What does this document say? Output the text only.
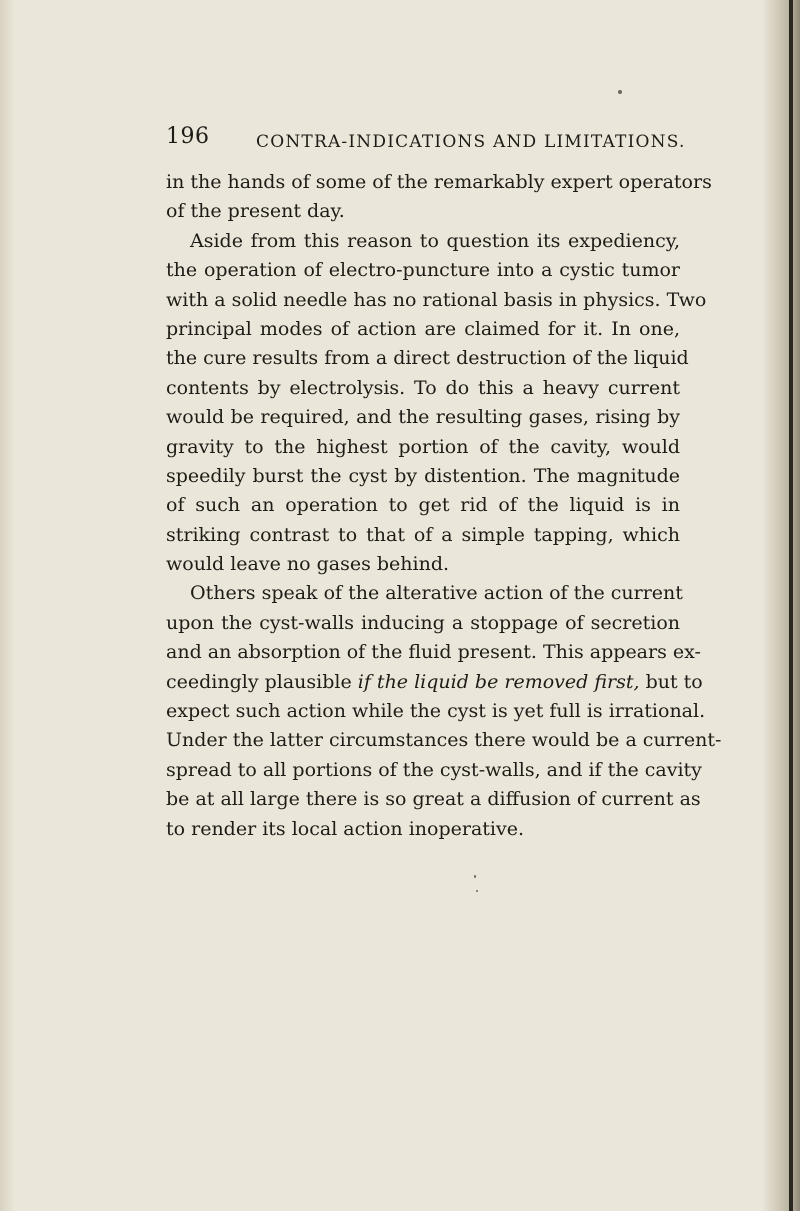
196	CONTRA-INDICATIONS AND LIMITATIONS.
in the hands of some of the remarkably expert operators
of the present day.
Aside from this reason to question its expediency,
the operation of electro-puncture into a cystic tumor
with a solid needle has no rational basis in physics. Two
principal modes of action are claimed for it. In one,
the cure results from a direct destruction of the liquid
contents by electrolysis. To do this a heavy current
would be required, and the resulting gases, rising by
gravity to the highest portion of the cavity, would
speedily burst the cyst by distention. The magnitude
of such an operation to get rid of the liquid is in
striking contrast to that of a simple tapping, which
would leave no gases behind.
Others speak of the alterative action of the current
upon the cyst-walls inducing a stoppage of secretion
and an absorption of the fluid present. This appears ex-
ceedingly plausible if the liquid be removed first, but to
expect such action while the cyst is yet full is irrational.
Under the latter circumstances there would be a current-
spread to all portions of the cyst-walls, and if the cavity
be at all large there is so great a diffusion of current as
to render its local action inoperative.
